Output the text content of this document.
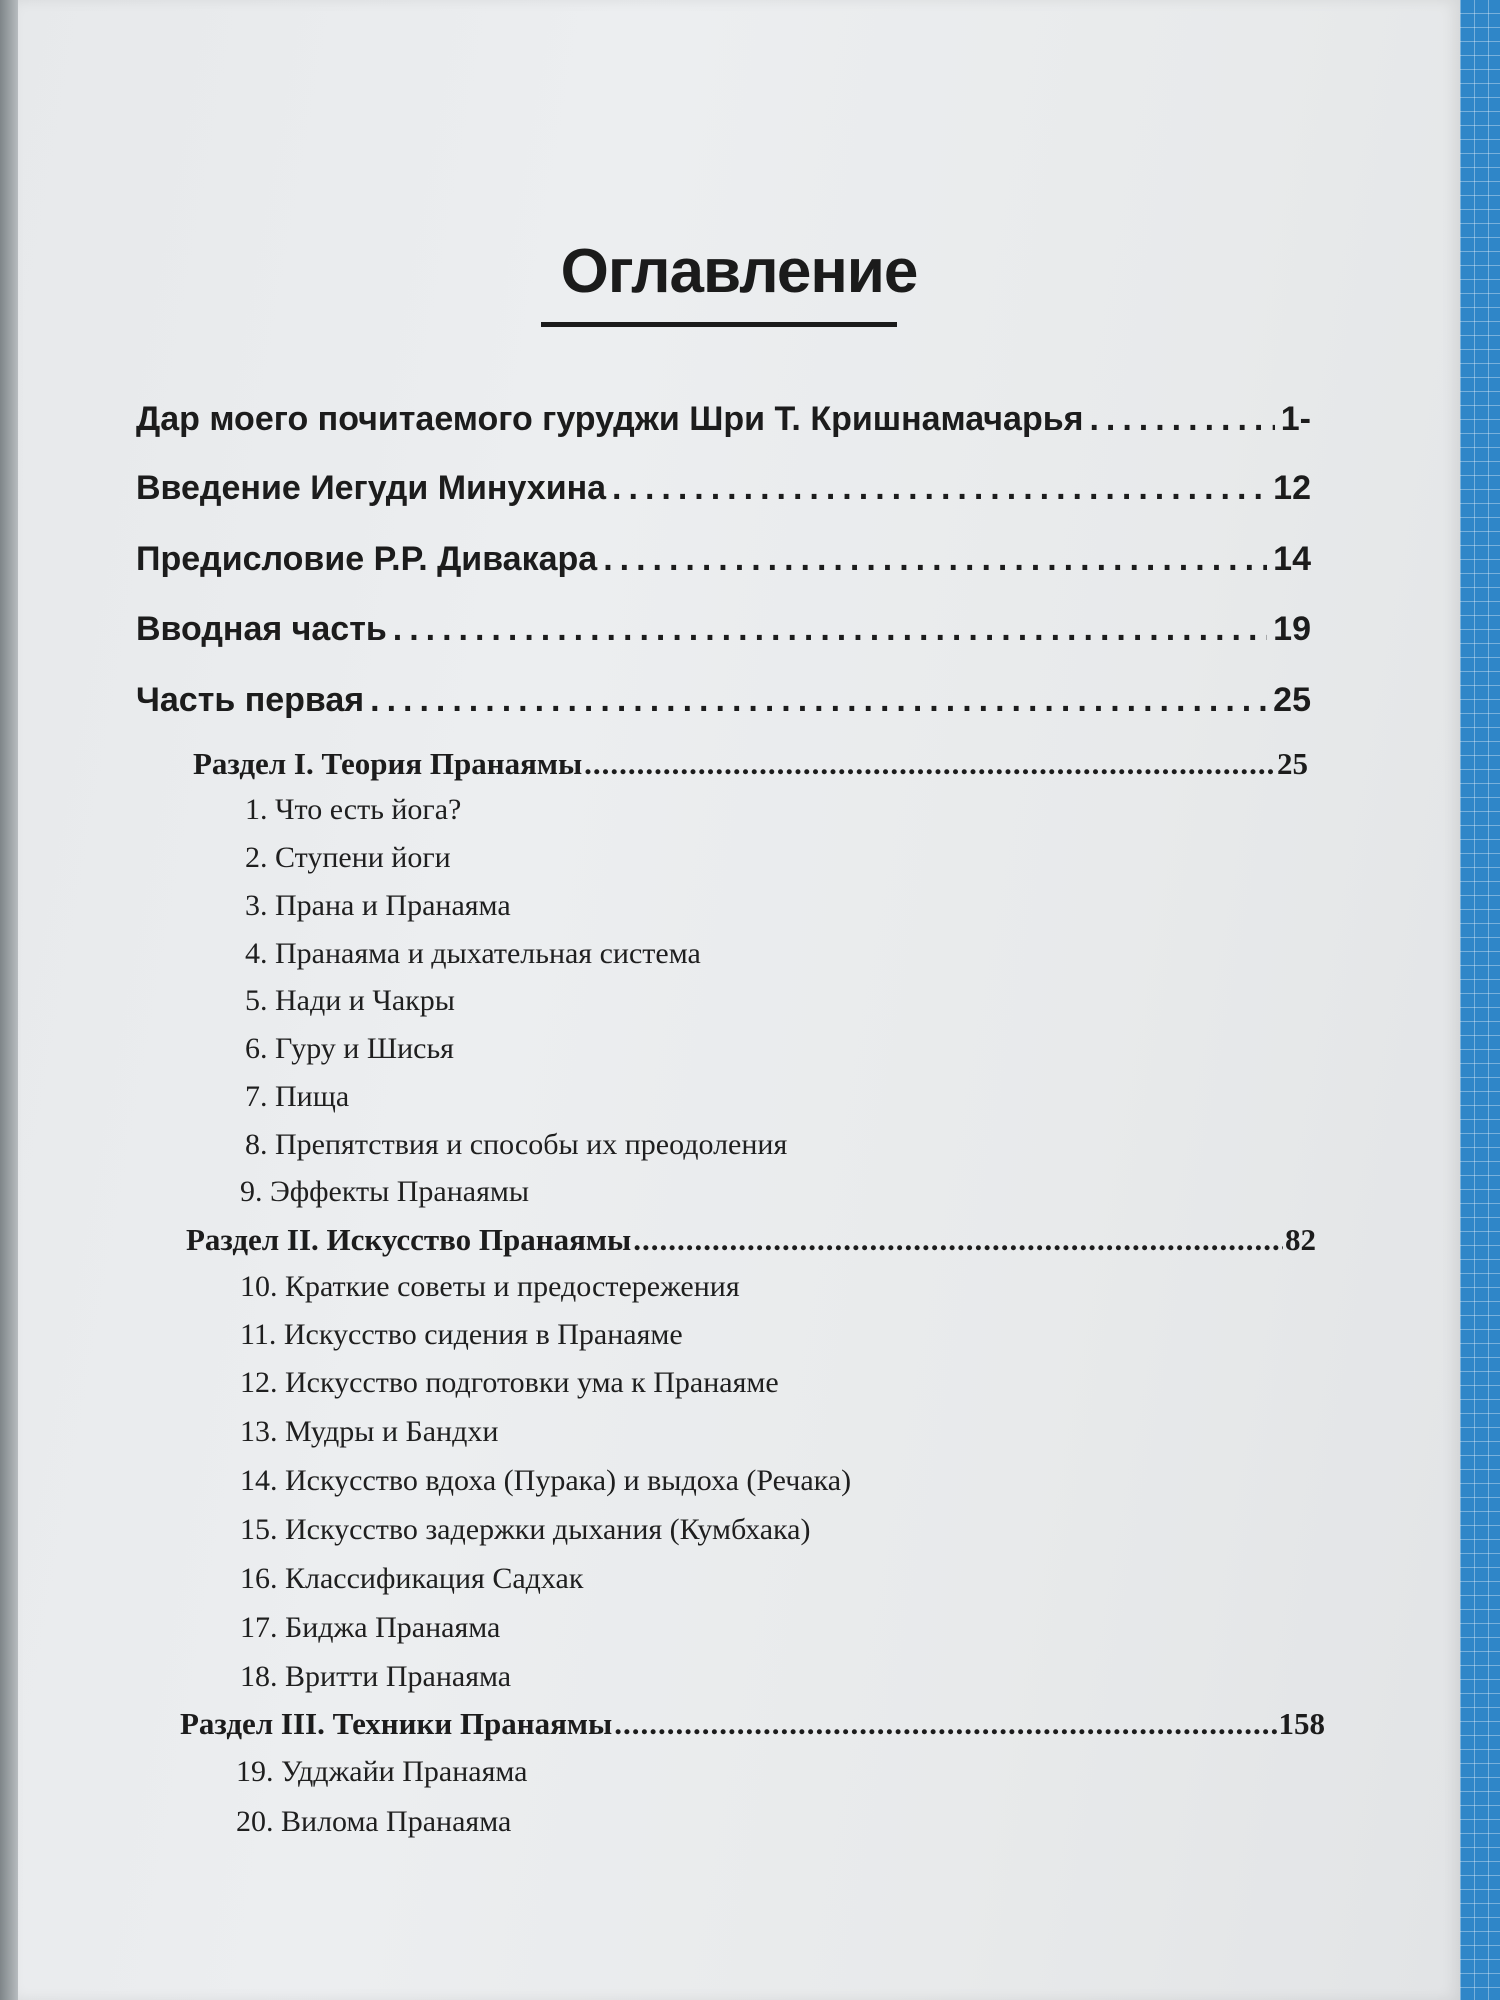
Оглавление
Дар моего почитаемого гуруджи Шри Т. Кришнамачарья .....	1-
Введение Иегуди Минухина .....	12
Предисловие Р.Р. Дивакара .....	14
Вводная часть .....	19
Часть первая .....	25
Раздел I. Теория Пранаямы .....	25
1. Что есть йога?
2. Ступени йоги
3. Прана и Пранаяма
4. Пранаяма и дыхательная система
5. Нади и Чакры
6. Гуру и Шисья
7. Пища
8. Препятствия и способы их преодоления
9. Эффекты Пранаямы
Раздел II. Искусство Пранаямы .....	82
10. Краткие советы и предостережения
11. Искусство сидения в Пранаяме
12. Искусство подготовки ума к Пранаяме
13. Мудры и Бандхи
14. Искусство вдоха (Пурака) и выдоха (Речака)
15. Искусство задержки дыхания (Кумбхака)
16. Классификация Садхак
17. Биджа Пранаяма
18. Вритти Пранаяма
Раздел III. Техники Пранаямы .....	158
19. Удджайи Пранаяма
20. Вилома Пранаяма
